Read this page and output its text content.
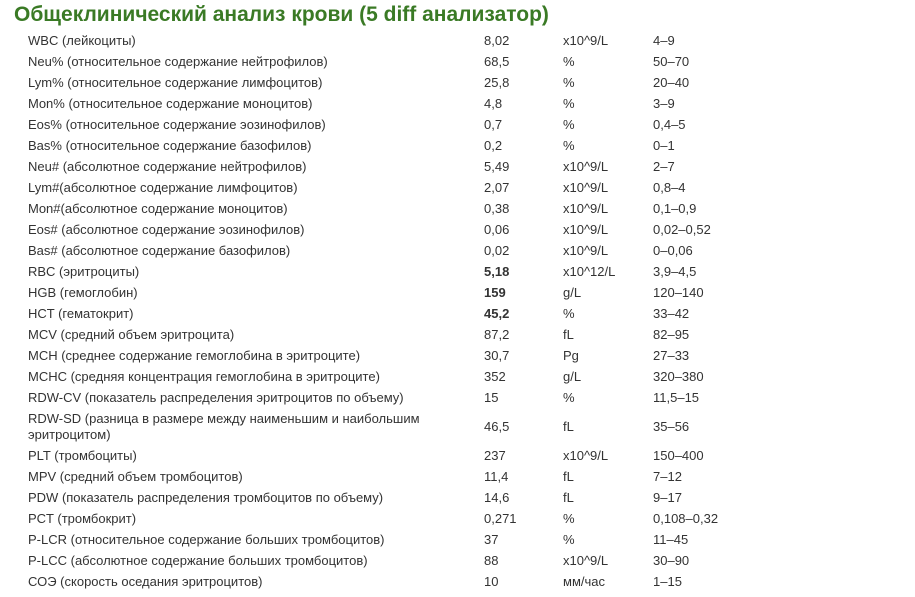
Общеклинический анализ крови (5 diff анализатор)
WBC (лейкоциты)	8,02	x10^9/L	4–9
Neu% (относительное содержание нейтрофилов)	68,5	%	50–70
Lym% (относительное содержание лимфоцитов)	25,8	%	20–40
Mon% (относительное содержание моноцитов)	4,8	%	3–9
Eos% (относительное содержание эозинофилов)	0,7	%	0,4–5
Bas% (относительное содержание базофилов)	0,2	%	0–1
Neu# (абсолютное содержание нейтрофилов)	5,49	x10^9/L	2–7
Lym#(абсолютное содержание лимфоцитов)	2,07	x10^9/L	0,8–4
Mon#(абсолютное содержание моноцитов)	0,38	x10^9/L	0,1–0,9
Eos# (абсолютное содержание эозинофилов)	0,06	x10^9/L	0,02–0,52
Bas# (абсолютное содержание базофилов)	0,02	x10^9/L	0–0,06
RBC (эритроциты)	5,18	x10^12/L	3,9–4,5
HGB (гемоглобин)	159	g/L	120–140
HCT (гематокрит)	45,2	%	33–42
MCV (средний объем эритроцита)	87,2	fL	82–95
MCH (среднее содержание гемоглобина в эритроците)	30,7	Pg	27–33
MCHC (средняя концентрация гемоглобина в эритроците)	352	g/L	320–380
RDW-CV (показатель распределения эритроцитов по объему)	15	%	11,5–15
RDW-SD (разница в размере между наименьшим и наибольшим эритроцитом)	46,5	fL	35–56
PLT (тромбоциты)	237	x10^9/L	150–400
MPV (средний объем тромбоцитов)	11,4	fL	7–12
PDW (показатель распределения тромбоцитов по объему)	14,6	fL	9–17
PCT (тромбокрит)	0,271	%	0,108–0,32
P-LCR (относительное содержание больших тромбоцитов)	37	%	11–45
P-LCC (абсолютное содержание больших тромбоцитов)	88	x10^9/L	30–90
СОЭ (скорость оседания эритроцитов)	10	мм/час	1–15
